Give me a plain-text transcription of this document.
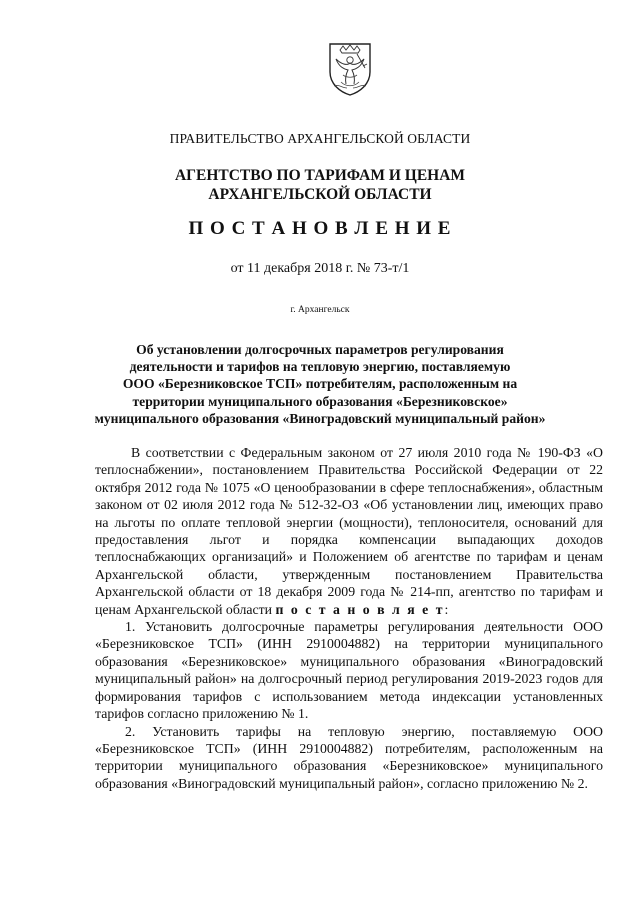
ПРАВИТЕЛЬСТВО АРХАНГЕЛЬСКОЙ ОБЛАСТИ
АГЕНТСТВО ПО ТАРИФАМ И ЦЕНАМ
АРХАНГЕЛЬСКОЙ ОБЛАСТИ
П О С Т А Н О В Л Е Н И Е
от 11 декабря 2018 г. № 73-т/1
г. Архангельск
Об установлении долгосрочных параметров регулирования
деятельности и тарифов на тепловую энергию, поставляемую
ООО «Березниковское ТСП» потребителям, расположенным на
территории муниципального образования «Березниковское»
муниципального образования «Виноградовский муниципальный район»

В соответствии с Федеральным законом от 27 июля 2010 года № 190-ФЗ «О теплоснабжении», постановлением Правительства Российской Федерации от 22 октября 2012 года № 1075 «О ценообразовании в сфере теплоснабжения», областным законом от 02 июля 2012 года № 512-32-ОЗ «Об установлении лиц, имеющих право на льготы по оплате тепловой энергии (мощности), теплоносителя, оснований для предоставления льгот и порядка компенсации выпадающих доходов теплоснабжающих организаций» и Положением об агентстве по тарифам и ценам Архангельской области, утвержденным постановлением Правительства Архангельской области от 18 декабря 2009 года № 214-пп, агентство по тарифам и ценам Архангельской области п о с т а н о в л я е т:

1. Установить долгосрочные параметры регулирования деятельности ООО «Березниковское ТСП» (ИНН 2910004882) на территории муниципального образования «Березниковское» муниципального образования «Виноградовский муниципальный район» на долгосрочный период регулирования 2019-2023 годов для формирования тарифов с использованием метода индексации установленных тарифов согласно приложению № 1.

2. Установить тарифы на тепловую энергию, поставляемую ООО «Березниковское ТСП» (ИНН 2910004882) потребителям, расположенным на территории муниципального образования «Березниковское» муниципального образования «Виноградовский муниципальный район», согласно приложению № 2.
